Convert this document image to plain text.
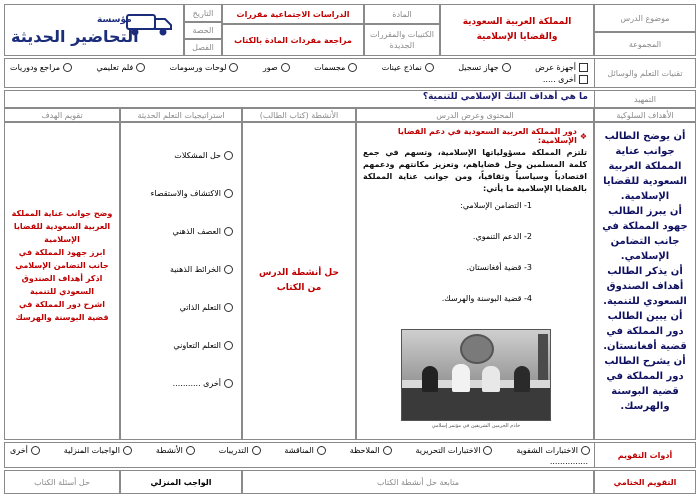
موضوع الدرس
المجموعة
المملكة العربية السعودية
والقضايا الإسلامية
المادة
الكتيبات والمقررات الجديدة
الدراسات الاجتماعية مقررات
مراجعة مفردات المادة بالكتاب
التاريخ
الحصة
الفصل
مؤسسة
التحاضير الحديثة
تقنيات التعلم والوسائل
أجهزة عرض
جهاز تسجيل
نماذج عينات
مجسمات
صور
لوحات ورسومات
فلم تعليمي
مراجع ودوريات
أخرى .....
التمهيد
ما هي أهداف البنك الإسلامي للتنمية؟
الأهداف السلوكية
المحتوى وعرض الدرس
الأنشطة (كتاب الطالب)
استراتيجيات التعلم الحديثة
تقويم الهدف
أن يوضح الطالب جوانب عناية المملكة العربية السعودية للقضايا الإسلامية.
أن يبرز الطالب جهود المملكة في جانب التضامن الإسلامي.
أن يذكر الطالب أهداف الصندوق السعودي للتنمية.
أن يبين الطالب دور المملكة في قضية أفغانستان.
أن يشرح الطالب دور المملكة في قضية البوسنة والهرسك.
❖
دور المملكة العربية السعودية في دعم القضايا الإسلامية:
تلتزم المملكة مسؤولياتها الإسلامية، وتسهم في جمع كلمة المسلمين وحل قضاياهم، وتعزيز مكانتهم ودعمهم اقتصادياً وسياسياً وثقافياً، ومن جوانب عناية المملكة بالقضايا الإسلامية ما يأتي:
1- التضامن الإسلامي:
2- الدعم التنموي.
3- قضية أفغانستان.
4- قضية البوسنة والهرسك.
خادم الحرمين الشريفين في مؤتمر إسلامي
حل أنشطة الدرس من الكتاب
حل المشكلات
الاكتشاف والاستقصاء
العصف الذهني
الخرائط الذهنية
التعلم الذاتي
التعلم التعاوني
أخرى ...........
وضح جوانب عناية المملكة العربية السعودية للقضايا الإسلامية
ابرز جهود المملكة في جانب التضامن الإسلامي
اذكر أهداف الصندوق السعودي للتنمية
اشرح دور المملكة في قضية البوسنة والهرسك
أدوات التقويم
الاختبارات الشفوية
الاختبارات التحريرية
الملاحظة
المناقشة
التدريبات
الأنشطة
الواجبات المنزلية
أخرى
...............
التقويم الختامي
متابعة حل أنشطة الكتاب
الواجب المنزلي
حل أسئلة الكتاب
